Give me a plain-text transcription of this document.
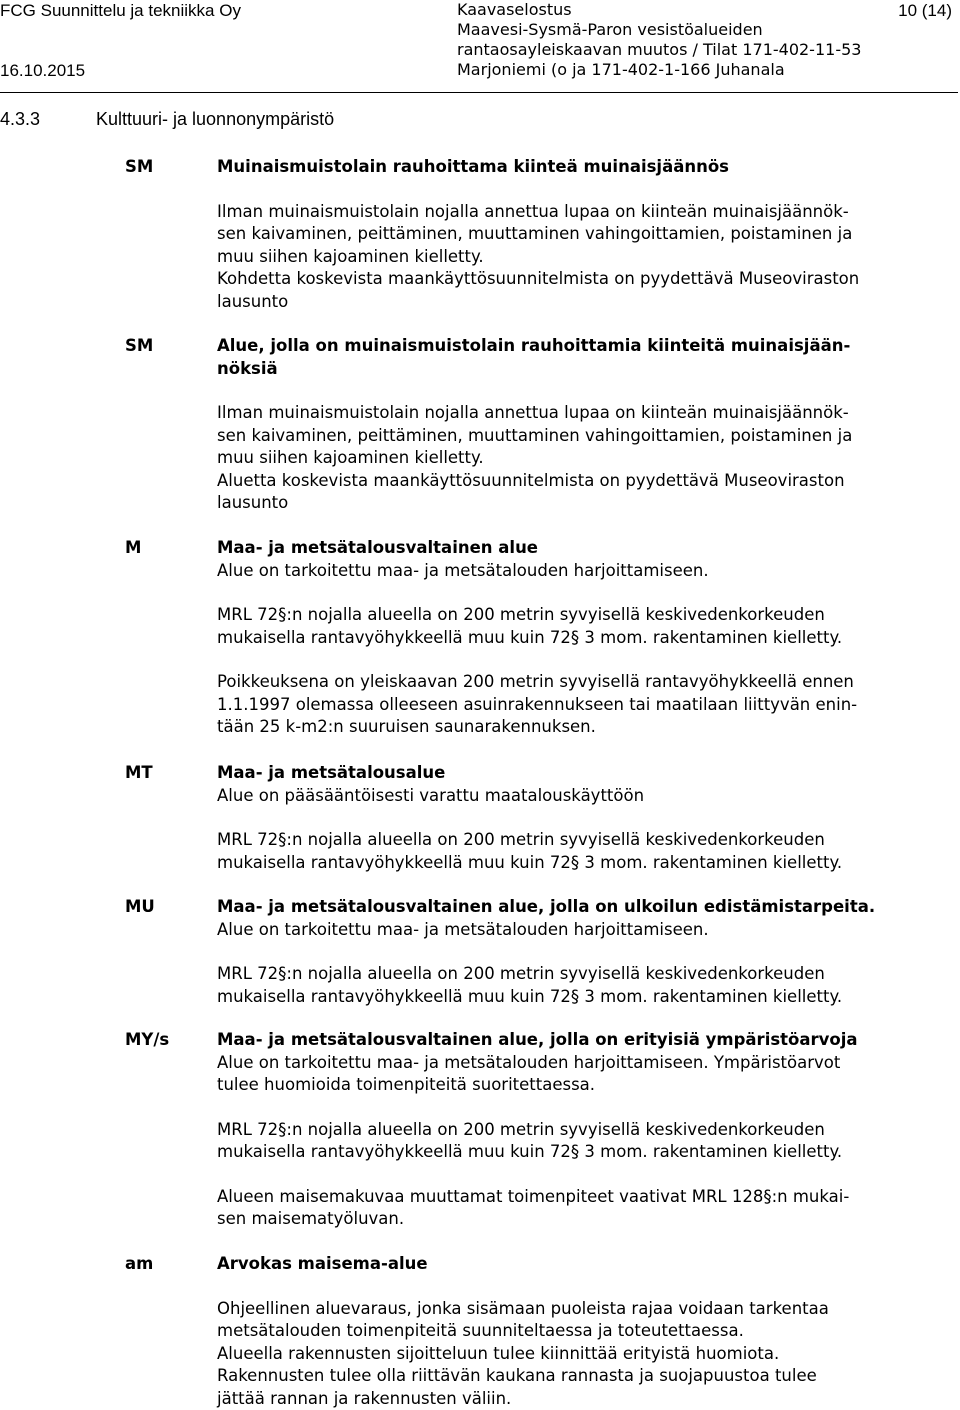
FCG Suunnittelu ja tekniikka Oy
16.10.2015
Kaavaselostus
Maavesi-Sysmä-Paron vesistöalueiden
rantaosayleiskaavan muutos / Tilat 171-402-11-53
Marjoniemi (o ja 171-402-1-166 Juhanala
10 (14)
4.3.3	Kulttuuri- ja luonnonympäristö
SM	Muinaismuistolain rauhoittama kiinteä muinaisjäännös
Ilman muinaismuistolain nojalla annettua lupaa on kiinteän muinaisjäännök-
sen kaivaminen, peittäminen, muuttaminen vahingoittamien, poistaminen ja
muu siihen kajoaminen kielletty.
Kohdetta koskevista maankäyttösuunnitelmista on pyydettävä Museoviraston
lausunto
SM	Alue, jolla on muinaismuistolain rauhoittamia kiinteitä muinaisjään-
nöksiä
Ilman muinaismuistolain nojalla annettua lupaa on kiinteän muinaisjäännök-
sen kaivaminen, peittäminen, muuttaminen vahingoittamien, poistaminen ja
muu siihen kajoaminen kielletty.
Aluetta koskevista maankäyttösuunnitelmista on pyydettävä Museoviraston
lausunto
M	Maa- ja metsätalousvaltainen alue
Alue on tarkoitettu maa- ja metsätalouden harjoittamiseen.
MRL 72§:n nojalla alueella on 200 metrin syvyisellä keskivedenkorkeuden
mukaisella rantavyöhykkeellä muu kuin 72§ 3 mom. rakentaminen kielletty.
Poikkeuksena on yleiskaavan 200 metrin syvyisellä rantavyöhykkeellä ennen
1.1.1997 olemassa olleeseen asuinrakennukseen tai maatilaan liittyvän enin-
tään 25 k-m2:n suuruisen saunarakennuksen.
MT	Maa- ja metsätalousalue
Alue on pääsääntöisesti varattu maatalouskäyttöön
MRL 72§:n nojalla alueella on 200 metrin syvyisellä keskivedenkorkeuden
mukaisella rantavyöhykkeellä muu kuin 72§ 3 mom. rakentaminen kielletty.
MU	Maa- ja metsätalousvaltainen alue, jolla on ulkoilun edistämistarpeita.
Alue on tarkoitettu maa- ja metsätalouden harjoittamiseen.
MRL 72§:n nojalla alueella on 200 metrin syvyisellä keskivedenkorkeuden
mukaisella rantavyöhykkeellä muu kuin 72§ 3 mom. rakentaminen kielletty.
MY/s	Maa- ja metsätalousvaltainen alue, jolla on erityisiä ympäristöarvoja
Alue on tarkoitettu maa- ja metsätalouden harjoittamiseen. Ympäristöarvot
tulee huomioida toimenpiteitä suoritettaessa.
MRL 72§:n nojalla alueella on 200 metrin syvyisellä keskivedenkorkeuden
mukaisella rantavyöhykkeellä muu kuin 72§ 3 mom. rakentaminen kielletty.
Alueen maisemakuvaa muuttamat toimenpiteet vaativat MRL 128§:n mukai-
sen maisematyöluvan.
am	Arvokas maisema-alue
Ohjeellinen aluevaraus, jonka sisämaan puoleista rajaa voidaan tarkentaa
metsätalouden toimenpiteitä suunniteltaessa ja toteutettaessa.
Alueella rakennusten sijoitteluun tulee kiinnittää erityistä huomiota.
Rakennusten tulee olla riittävän kaukana rannasta ja suojapuustoa tulee
jättää rannan ja rakennusten väliin.
